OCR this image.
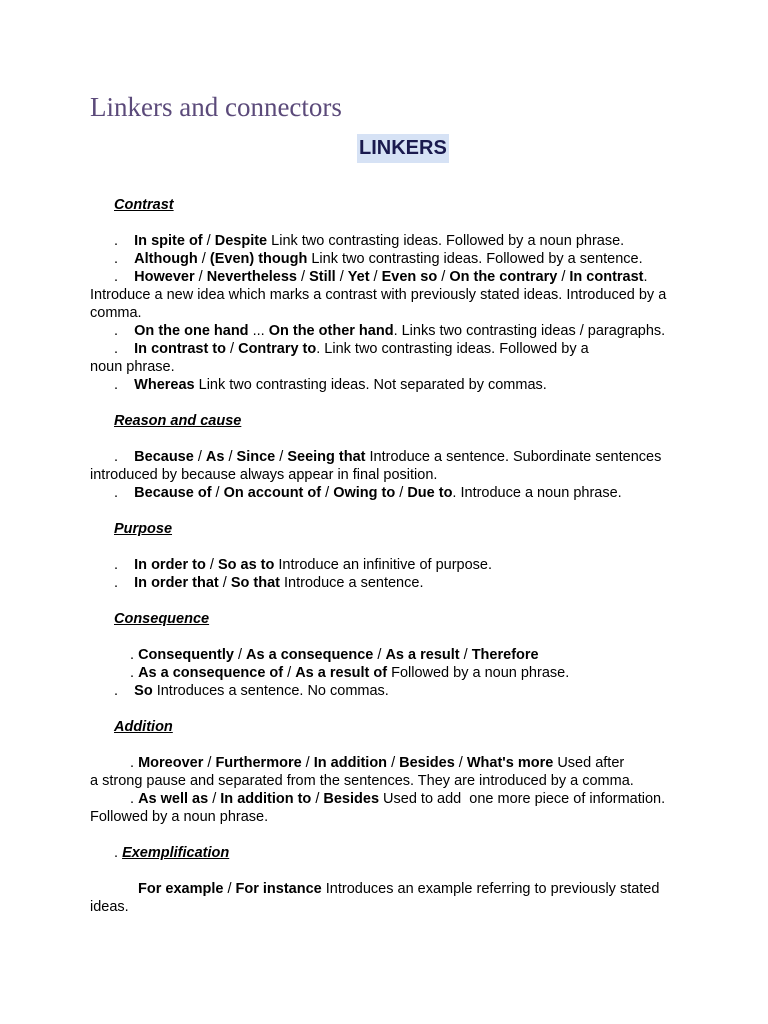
Linkers and connectors
LINKERS

Contrast

. In spite of / Despite Link two contrasting ideas. Followed by a noun phrase.

. Although / (Even) though Link two contrasting ideas. Followed by a sentence.

. However / Nevertheless / Still / Yet / Even so / On the contrary / In contrast.

Introduce a new idea which marks a contrast with previously stated ideas. Introduced by a comma.

. On the one hand ... On the other hand. Links two contrasting ideas / paragraphs.

. In contrast to / Contrary to. Link two contrasting ideas. Followed by a

noun phrase.

. Whereas Link two contrasting ideas. Not separated by commas.

Reason and cause

. Because / As / Since / Seeing that Introduce a sentence. Subordinate sentences

introduced by because always appear in final position.

. Because of / On account of / Owing to / Due to. Introduce a noun phrase.

Purpose

. In order to / So as to Introduce an infinitive of purpose.

. In order that / So that Introduce a sentence.

Consequence

. Consequently / As a consequence / As a result / Therefore

. As a consequence of / As a result of Followed by a noun phrase.

. So Introduces a sentence. No commas.

Addition

. Moreover / Furthermore / In addition / Besides / What's more Used after

a strong pause and separated from the sentences. They are introduced by a comma.

. As well as / In addition to / Besides Used to add  one more piece of information.

Followed by a noun phrase.

. Exemplification

For example / For instance Introduces an example referring to previously stated

ideas.
